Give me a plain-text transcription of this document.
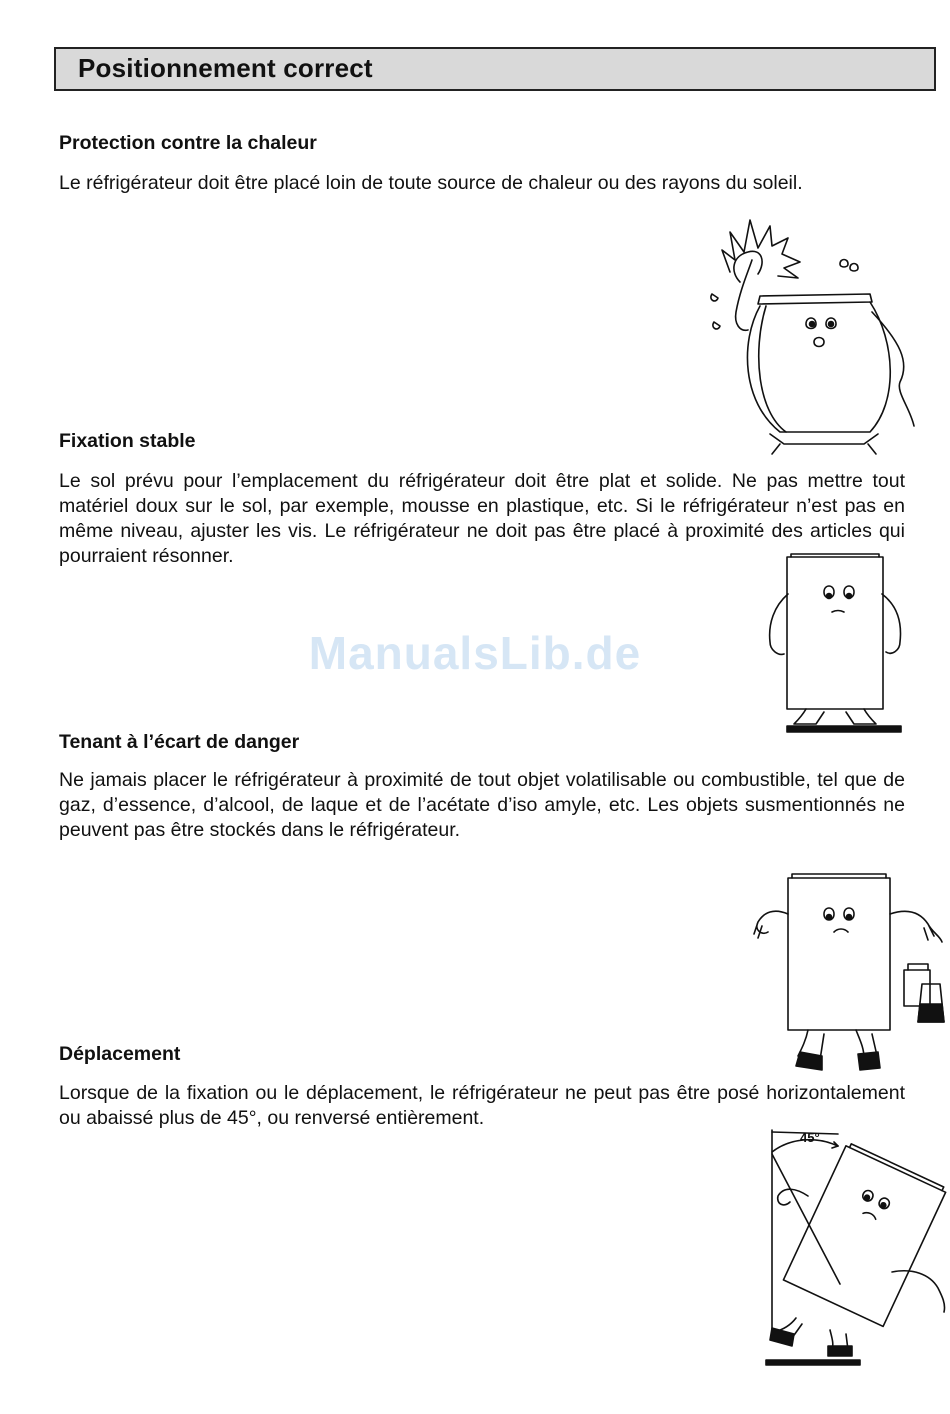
Positionnement correct
Protection contre la chaleur

Le réfrigérateur doit être placé loin de toute source de chaleur ou des rayons du soleil.

Fixation stable

Le sol prévu pour l’emplacement du réfrigérateur doit être plat et solide. Ne pas mettre tout matériel doux sur le sol, par exemple, mousse en plastique, etc. Si le réfrigérateur n’est pas en même niveau, ajuster les vis. Le réfrigérateur ne doit pas être placé à proximité des articles qui pourraient résonner.

ManualsLib.de
Tenant à l’écart de danger

Ne jamais placer le réfrigérateur à proximité de tout objet volatilisable ou combustible, tel que de gaz, d’essence, d’alcool, de laque et de l’acétate d’iso amyle, etc. Les objets susmentionnés ne peuvent pas être stockés dans le réfrigérateur.

Déplacement

Lorsque de la fixation ou le déplacement, le réfrigérateur ne peut pas être posé horizontalement ou abaissé plus de 45°, ou renversé entièrement.

45°
